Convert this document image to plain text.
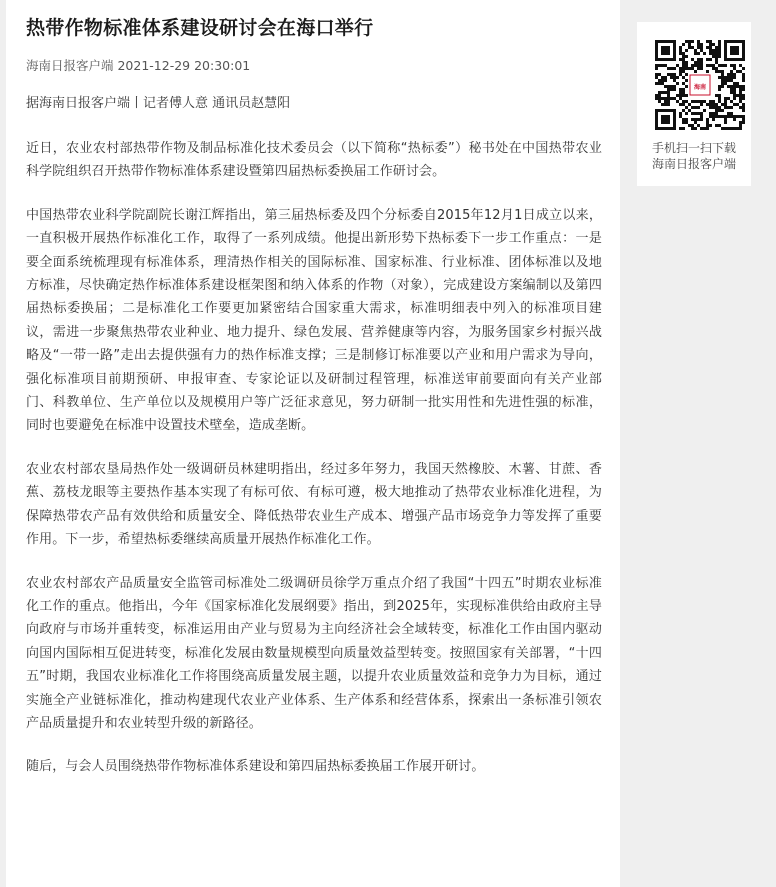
热带作物标准体系建设研讨会在海口举行
海南日报客户端 2021-12-29 20:30:01
据海南日报客户端丨记者傅人意 通讯员赵慧阳

近日，农业农村部热带作物及制品标准化技术委员会（以下简称“热标委”）秘书处在中国热带农业科学院组织召开热带作物标准体系建设暨第四届热标委换届工作研讨会。

中国热带农业科学院副院长谢江辉指出，第三届热标委及四个分标委自2015年12月1日成立以来，一直积极开展热作标准化工作，取得了一系列成绩。他提出新形势下热标委下一步工作重点：一是要全面系统梳理现有标准体系，理清热作相关的国际标准、国家标准、行业标准、团体标准以及地方标准，尽快确定热作标准体系建设框架图和纳入体系的作物（对象），完成建设方案编制以及第四届热标委换届；二是标准化工作要更加紧密结合国家重大需求，标准明细表中列入的标准项目建议，需进一步聚焦热带农业种业、地力提升、绿色发展、营养健康等内容，为服务国家乡村振兴战略及“一带一路”走出去提供强有力的热作标准支撑；三是制修订标准要以产业和用户需求为导向，强化标准项目前期预研、申报审查、专家论证以及研制过程管理，标准送审前要面向有关产业部门、科教单位、生产单位以及规模用户等广泛征求意见，努力研制一批实用性和先进性强的标准，同时也要避免在标准中设置技术壁垒，造成垄断。

农业农村部农垦局热作处一级调研员林建明指出，经过多年努力，我国天然橡胶、木薯、甘蔗、香蕉、荔枝龙眼等主要热作基本实现了有标可依、有标可遵，极大地推动了热带农业标准化进程，为保障热带农产品有效供给和质量安全、降低热带农业生产成本、增强产品市场竞争力等发挥了重要作用。下一步，希望热标委继续高质量开展热作标准化工作。

农业农村部农产品质量安全监管司标准处二级调研员徐学万重点介绍了我国“十四五”时期农业标准化工作的重点。他指出，今年《国家标准化发展纲要》指出，到2025年，实现标准供给由政府主导向政府与市场并重转变，标准运用由产业与贸易为主向经济社会全域转变，标准化工作由国内驱动向国内国际相互促进转变，标准化发展由数量规模型向质量效益型转变。按照国家有关部署，“十四五”时期，我国农业标准化工作将围绕高质量发展主题，以提升农业质量效益和竞争力为目标，通过实施全产业链标准化，推动构建现代农业产业体系、生产体系和经营体系，探索出一条标准引领农产品质量提升和农业转型升级的新路径。

随后，与会人员围绕热带作物标准体系建设和第四届热标委换届工作展开研讨。

海南
手机扫一扫下载
海南日报客户端
